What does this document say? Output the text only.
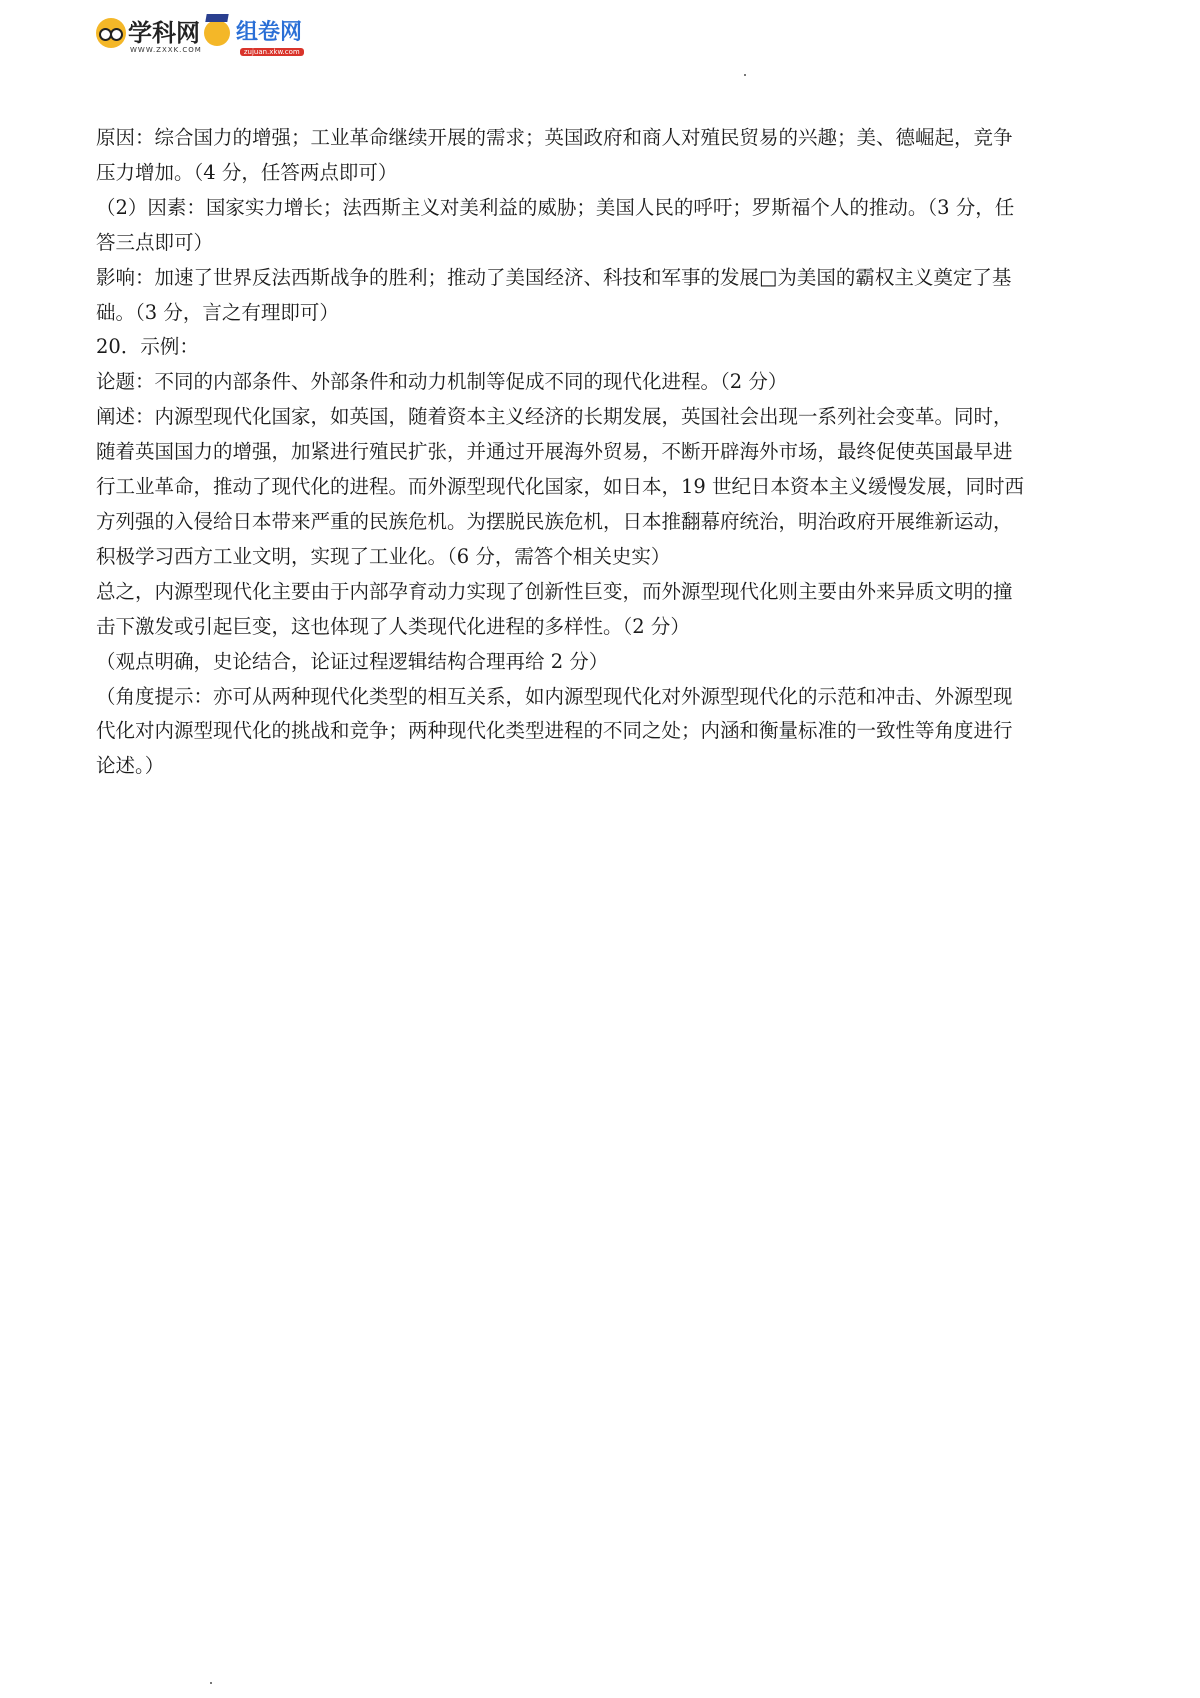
学科网 组卷网
WWW.ZXXK.COM	zujuan.xkw.com

原因：综合国力的增强；工业革命继续开展的需求；英国政府和商人对殖民贸易的兴趣；美、德崛起，竞争

压力增加。（4 分，任答两点即可）

（2）因素：国家实力增长；法西斯主义对美利益的威胁；美国人民的呼吁；罗斯福个人的推动。（3 分，任

答三点即可）

影响：加速了世界反法西斯战争的胜利；推动了美国经济、科技和军事的发展□为美国的霸权主义奠定了基

础。（3 分，言之有理即可）

20．示例：

论题：不同的内部条件、外部条件和动力机制等促成不同的现代化进程。（2 分）

阐述：内源型现代化国家，如英国，随着资本主义经济的长期发展，英国社会出现一系列社会变革。同时，

随着英国国力的增强，加紧进行殖民扩张，并通过开展海外贸易，不断开辟海外市场，最终促使英国最早进

行工业革命，推动了现代化的进程。而外源型现代化国家，如日本，19 世纪日本资本主义缓慢发展，同时西

方列强的入侵给日本带来严重的民族危机。为摆脱民族危机，日本推翻幕府统治，明治政府开展维新运动，

积极学习西方工业文明，实现了工业化。（6 分，需答个相关史实）

总之，内源型现代化主要由于内部孕育动力实现了创新性巨变，而外源型现代化则主要由外来异质文明的撞

击下激发或引起巨变，这也体现了人类现代化进程的多样性。（2 分）

（观点明确，史论结合，论证过程逻辑结构合理再给 2 分）

（角度提示：亦可从两种现代化类型的相互关系，如内源型现代化对外源型现代化的示范和冲击、外源型现

代化对内源型现代化的挑战和竞争；两种现代化类型进程的不同之处；内涵和衡量标准的一致性等角度进行

论述。）
